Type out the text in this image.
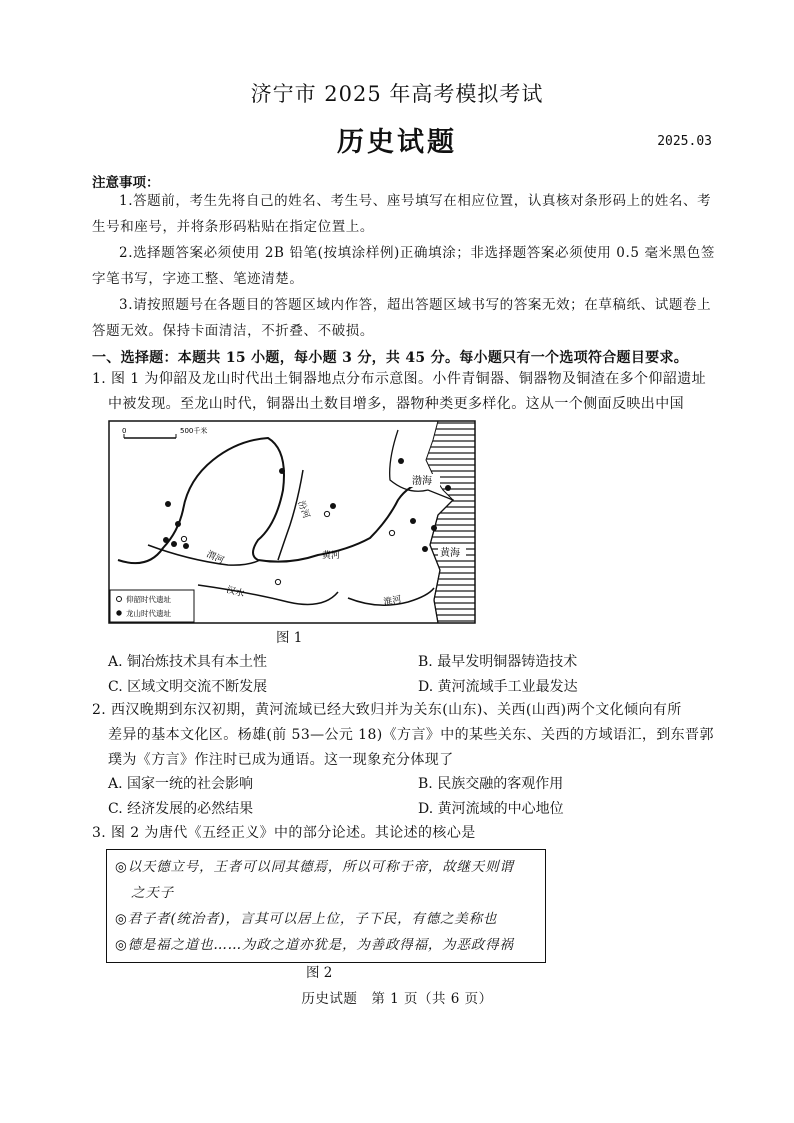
济宁市 2025 年高考模拟考试
历史试题	2025.03
注意事项：
1.答题前，考生先将自己的姓名、考生号、座号填写在相应位置，认真核对条形码上的姓名、考生号和座号，并将条形码粘贴在指定位置上。
2.选择题答案必须使用 2B 铅笔(按填涂样例)正确填涂；非选择题答案必须使用 0.5 毫米黑色签字笔书写，字迹工整、笔迹清楚。
3.请按照题号在各题目的答题区域内作答，超出答题区域书写的答案无效；在草稿纸、试题卷上答题无效。保持卡面清洁，不折叠、不破损。
一、选择题：本题共 15 小题，每小题 3 分，共 45 分。每小题只有一个选项符合题目要求。
1. 图 1 为仰韶及龙山时代出土铜器地点分布示意图。小件青铜器、铜器物及铜渣在多个仰韶遗址
中被发现。至龙山时代，铜器出土数目增多，器物种类更多样化。这从一个侧面反映出中国
0	500千米
汾河
渭河	黄河
汉水
淮河
渤海
黄海
仰韶时代遗址
龙山时代遗址
图 1
A. 铜冶炼技术具有本土性	B. 最早发明铜器铸造技术
C. 区域文明交流不断发展	D. 黄河流域手工业最发达
2. 西汉晚期到东汉初期，黄河流域已经大致归并为关东(山东)、关西(山西)两个文化倾向有所
差异的基本文化区。杨雄(前 53—公元 18)《方言》中的某些关东、关西的方域语汇，到东晋郭
璞为《方言》作注时已成为通语。这一现象充分体现了
A. 国家一统的社会影响	B. 民族交融的客观作用
C. 经济发展的必然结果	D. 黄河流域的中心地位
3. 图 2 为唐代《五经正义》中的部分论述。其论述的核心是
◎以天德立号，王者可以同其德焉，所以可称于帝，故继天则谓
之天子
◎君子者(统治者)，言其可以居上位，子下民，有德之美称也
◎德是福之道也……为政之道亦犹是，为善政得福，为恶政得祸
图 2
历史试题　第 1 页（共 6 页）
